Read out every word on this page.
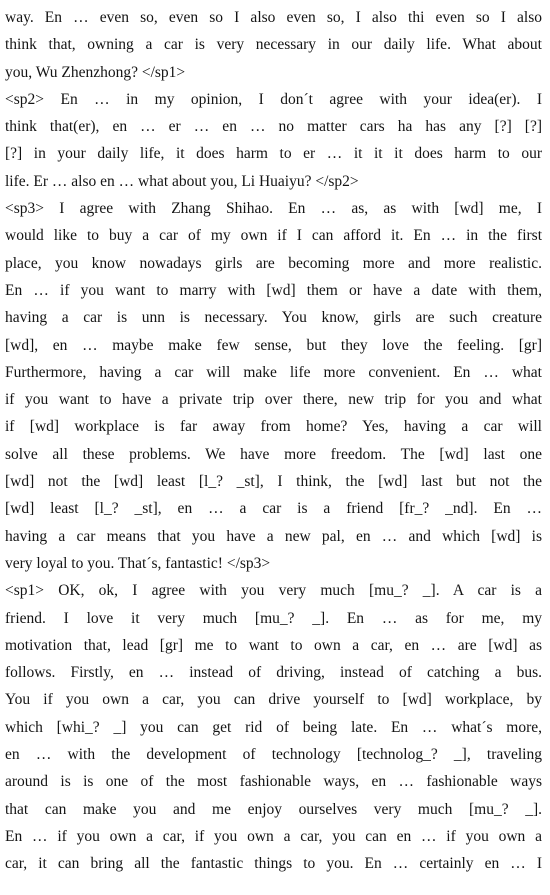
way. En … even so, even so I also even so, I also thi even so I also
think that, owning a car is very necessary in our daily life. What about
you, Wu Zhenzhong? </sp1>
<sp2> En … in my opinion, I don´t agree with your idea(er). I
think that(er), en … er … en … no matter cars ha has any [?] [?]
[?] in your daily life, it does harm to er … it it it does harm to our
life. Er … also en … what about you, Li Huaiyu? </sp2>
<sp3> I agree with Zhang Shihao. En … as, as with [wd] me, I
would like to buy a car of my own if I can afford it. En … in the first
place, you know nowadays girls are becoming more and more realistic.
En … if you want to marry with [wd] them or have a date with them,
having a car is unn is necessary. You know, girls are such creature
[wd], en … maybe make few sense, but they love the feeling. [gr]
Furthermore, having a car will make life more convenient. En … what
if you want to have a private trip over there, new trip for you and what
if [wd] workplace is far away from home? Yes, having a car will
solve all these problems. We have more freedom. The [wd] last one
[wd] not the [wd] least [l_? _st], I think, the [wd] last but not the
[wd] least [l_? _st], en … a car is a friend [fr_? _nd]. En …
having a car means that you have a new pal, en … and which [wd] is
very loyal to you. That´s, fantastic! </sp3>
<sp1> OK, ok, I agree with you very much [mu_? _]. A car is a
friend. I love it very much [mu_? _]. En … as for me, my
motivation that, lead [gr] me to want to own a car, en … are [wd] as
follows. Firstly, en … instead of driving, instead of catching a bus.
You if you own a car, you can drive yourself to [wd] workplace, by
which [whi_? _] you can get rid of being late. En … what´s more,
en … with the development of technology [technolog_? _], traveling
around is is one of the most fashionable ways, en … fashionable ways
that can make you and me enjoy ourselves very much [mu_? _].
En … if you own a car, if you own a car, you can en … if you own a
car, it can bring all the fantastic things to you. En … certainly en … I
